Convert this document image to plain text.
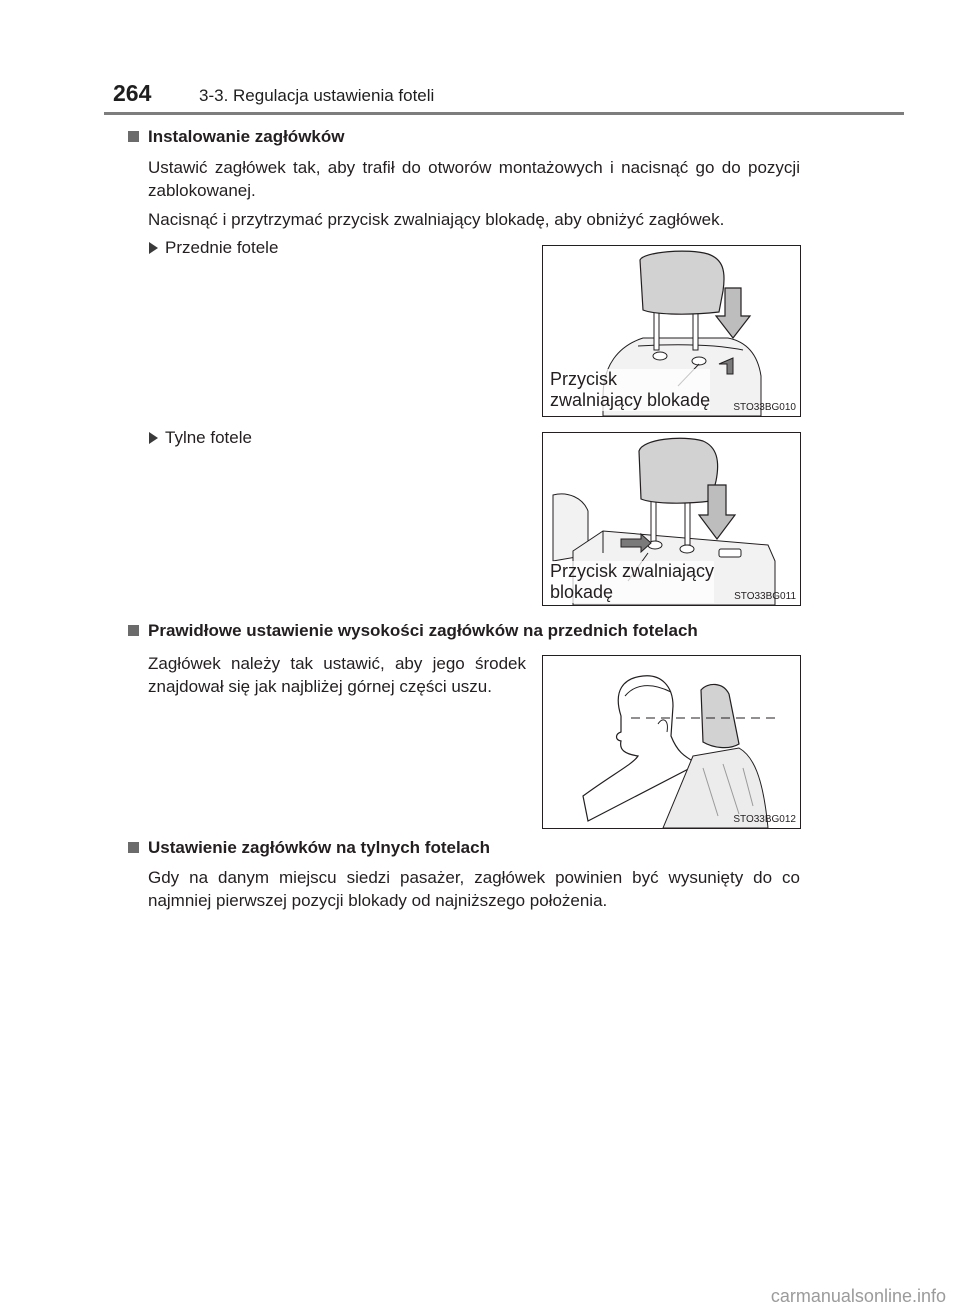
264	3-3. Regulacja ustawienia foteli
Instalowanie zagłówków
Ustawić zagłówek tak, aby trafił do otworów montażowych i nacisnąć go do pozycji zablokowanej.
Nacisnąć i przytrzymać przycisk zwalniający blokadę, aby obniżyć zagłówek.
Przednie fotele
Przycisk
zwalniający blokadę STO33BG010
Tylne fotele
Przycisk zwalniający
blokadę	STO33BG011
Prawidłowe ustawienie wysokości zagłówków na przednich fotelach
Zagłówek należy tak ustawić, aby jego środek znajdował się jak najbliżej górnej części uszu.
STO33BG012
Ustawienie zagłówków na tylnych fotelach
Gdy na danym miejscu siedzi pasażer, zagłówek powinien być wysunięty do co najmniej pierwszej pozycji blokady od najniższego położenia.
carmanualsonline.info
